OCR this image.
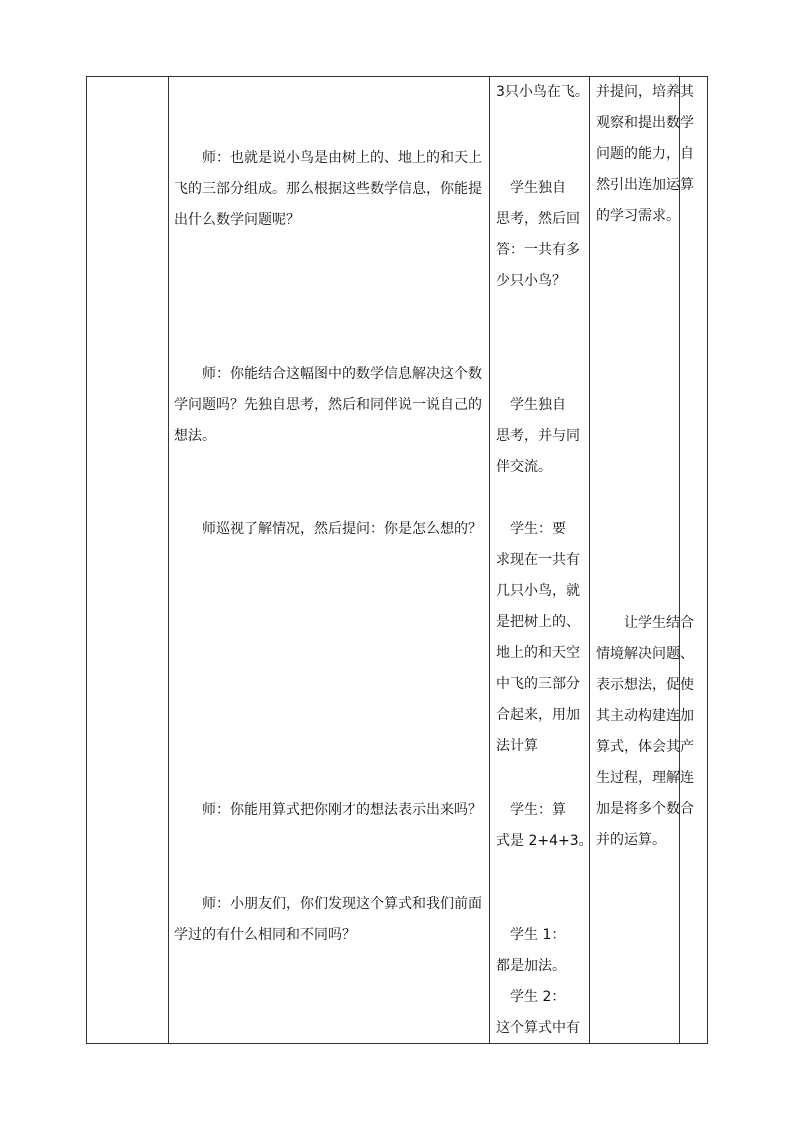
　　师：也就是说小鸟是由树上的、地上的和天上
飞的三部分组成。那么根据这些数学信息，你能提
出什么数学问题呢？
　　师：你能结合这幅图中的数学信息解决这个数
学问题吗？先独自思考，然后和同伴说一说自己的
想法。
　　师巡视了解情况，然后提问：你是怎么想的？
　　师：你能用算式把你刚才的想法表示出来吗？
　　师：小朋友们，你们发现这个算式和我们前面
学过的有什么相同和不同吗？
3只小鸟在飞。
　学生独自
思考，然后回
答：一共有多
少只小鸟？
　学生独自
思考，并与同
伴交流。
　学生：要
求现在一共有
几只小鸟，就
是把树上的、
地上的和天空
中飞的三部分
合起来，用加
法计算
　学生：算
式是 2+4+3。
　学生 1：
都是加法。
　学生 2：
这个算式中有
并提问，培养其
观察和提出数学
问题的能力，自
然引出连加运算
的学习需求。
　　让学生结合
情境解决问题、
表示想法，促使
其主动构建连加
算式，体会其产
生过程，理解连
加是将多个数合
并的运算。
